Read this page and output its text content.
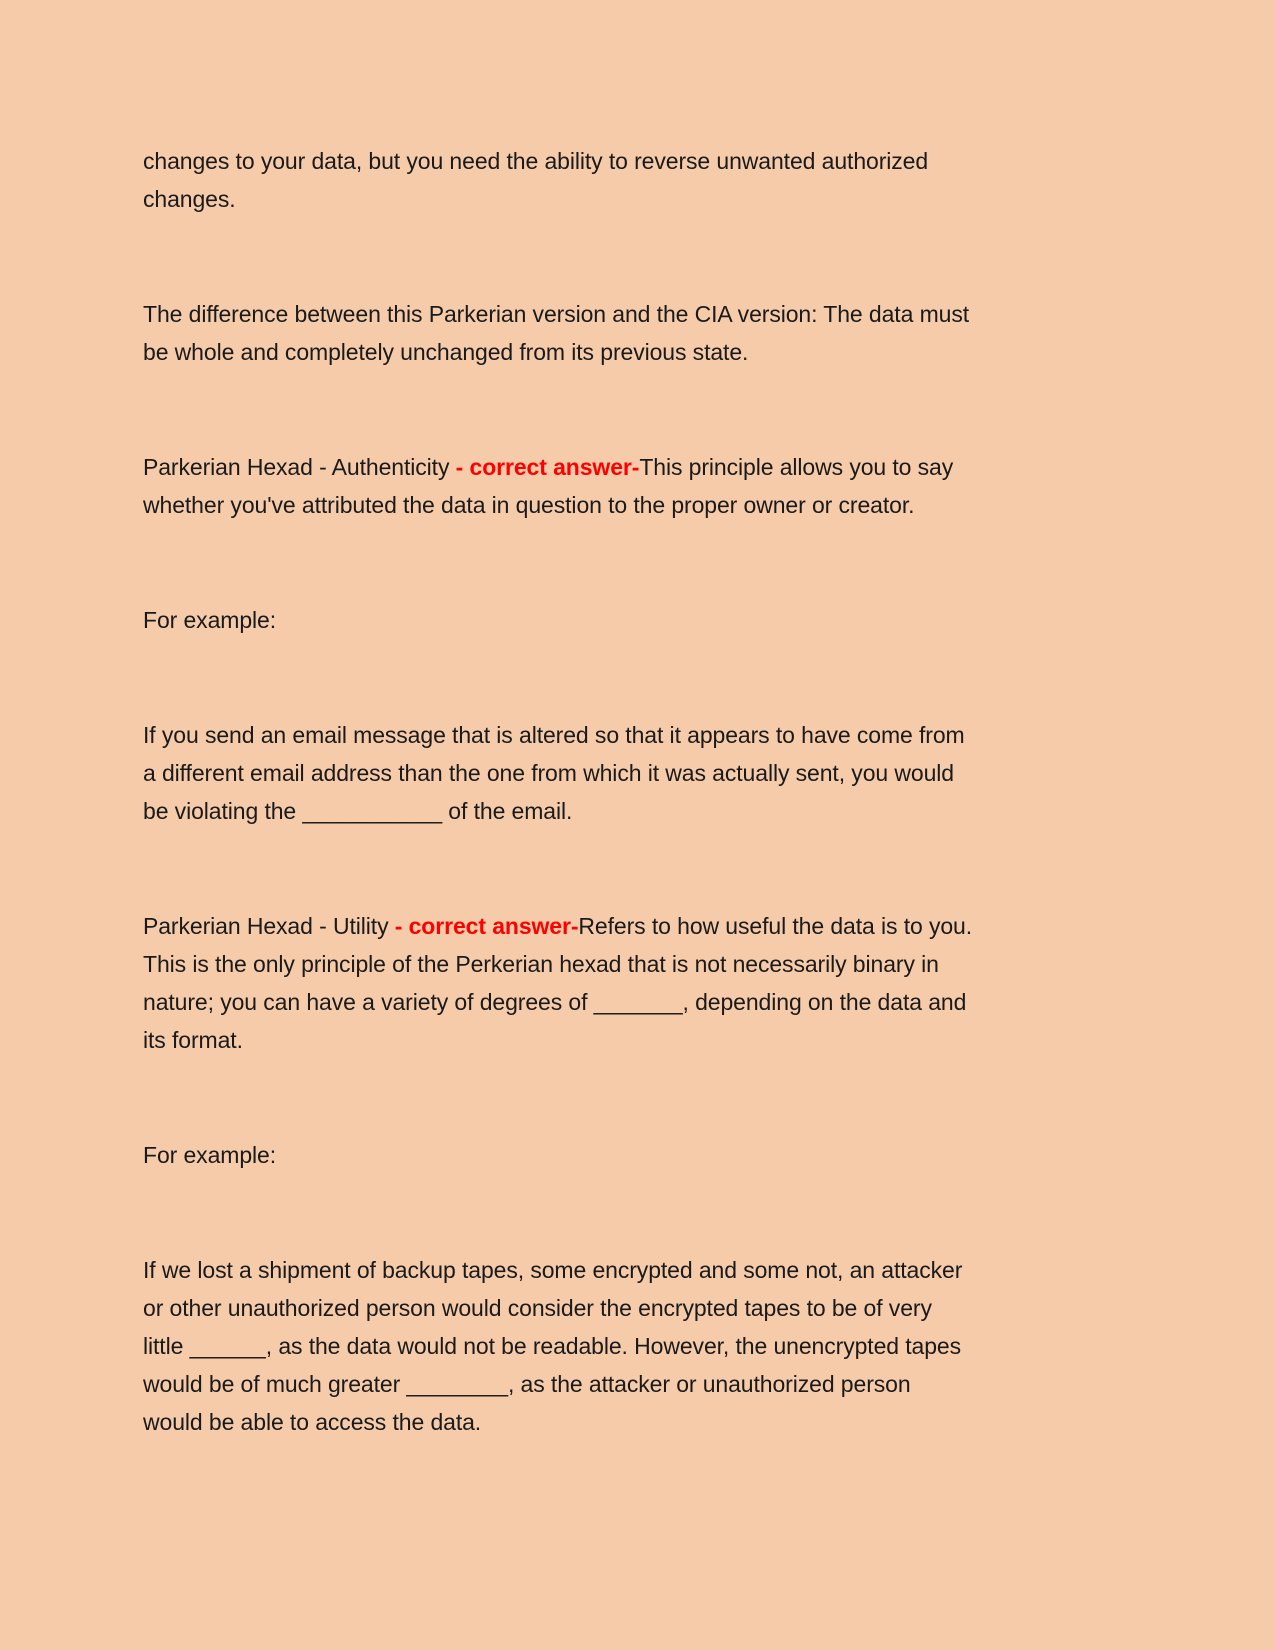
changes to your data, but you need the ability to reverse unwanted authorized
changes.

The difference between this Parkerian version and the CIA version: The data must
be whole and completely unchanged from its previous state.

Parkerian Hexad - Authenticity - correct answer-This principle allows you to say
whether you've attributed the data in question to the proper owner or creator.

For example:

If you send an email message that is altered so that it appears to have come from
a different email address than the one from which it was actually sent, you would
be violating the ___________ of the email.

Parkerian Hexad - Utility - correct answer-Refers to how useful the data is to you.
This is the only principle of the Perkerian hexad that is not necessarily binary in
nature; you can have a variety of degrees of _______, depending on the data and
its format.

For example:

If we lost a shipment of backup tapes, some encrypted and some not, an attacker
or other unauthorized person would consider the encrypted tapes to be of very
little ______, as the data would not be readable. However, the unencrypted tapes
would be of much greater ________, as the attacker or unauthorized person
would be able to access the data.
